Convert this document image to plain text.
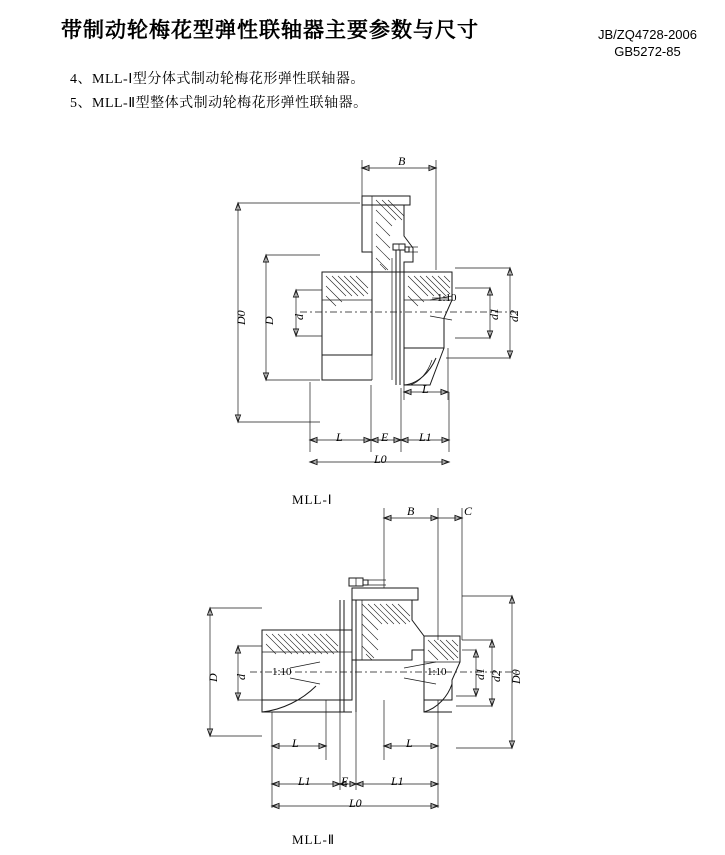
带制动轮梅花型弹性联轴器主要参数与尺寸	JB/ZQ4728-2006
GB5272-85
4、MLL-Ⅰ型分体式制动轮梅花形弹性联轴器。
5、MLL-Ⅱ型整体式制动轮梅花形弹性联轴器。
B
D0 D d	d1 d2
L
L	E	L1
L0
1:10
MLL-Ⅰ
B	C
D d	d1 d2 D0
L	L
L1	E	L1
L0
1:10	1:10
MLL-Ⅱ
